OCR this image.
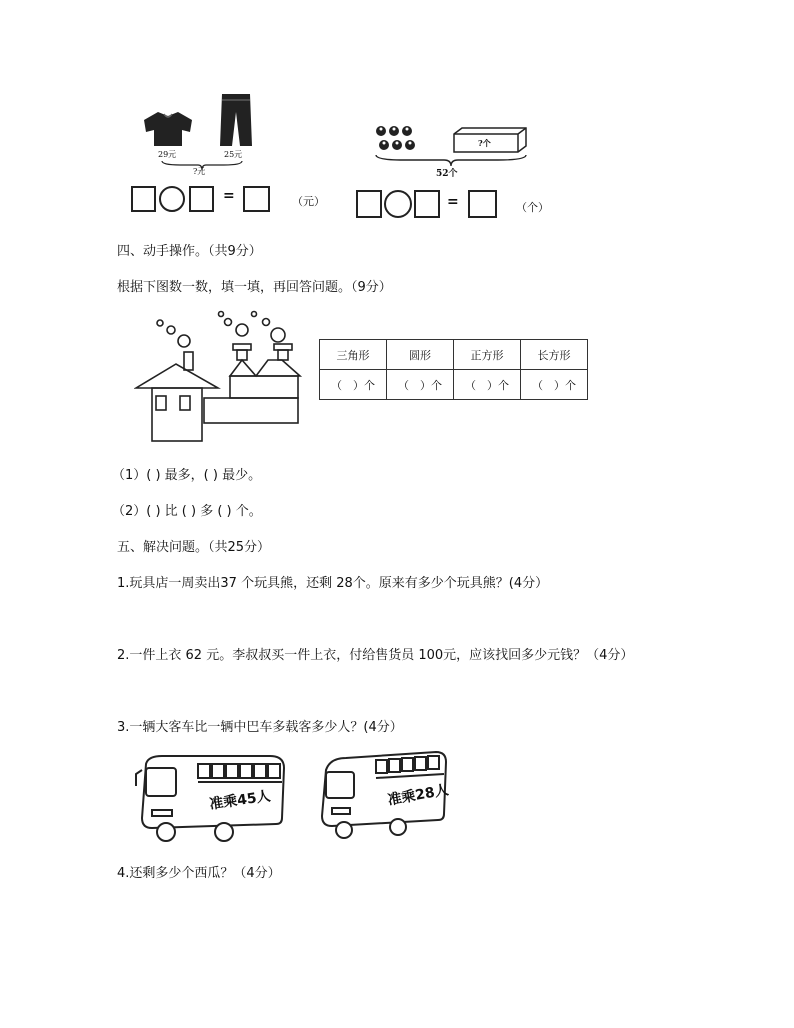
29元	25元
?元
=	（元）
?个
52个
=	（个）
四、动手操作。（共9分）
根据下图数一数，填一填，再回答问题。（9分）
三角形	圆形	正方形	长方形
（　）个	（　）个	（　）个	（　）个
（1）( ) 最多，( ) 最少。
（2）( ) 比 ( ) 多 ( ) 个。
五、解决问题。（共25分）
1.玩具店一周卖出37 个玩具熊，还剩 28个。原来有多少个玩具熊？(4分）
2.一件上衣 62 元。李叔叔买一件上衣，付给售货员 100元，应该找回多少元钱？（4分）
3.一辆大客车比一辆中巴车多载客多少人？(4分）
准乘45人	准乘28人
4.还剩多少个西瓜？（4分）
